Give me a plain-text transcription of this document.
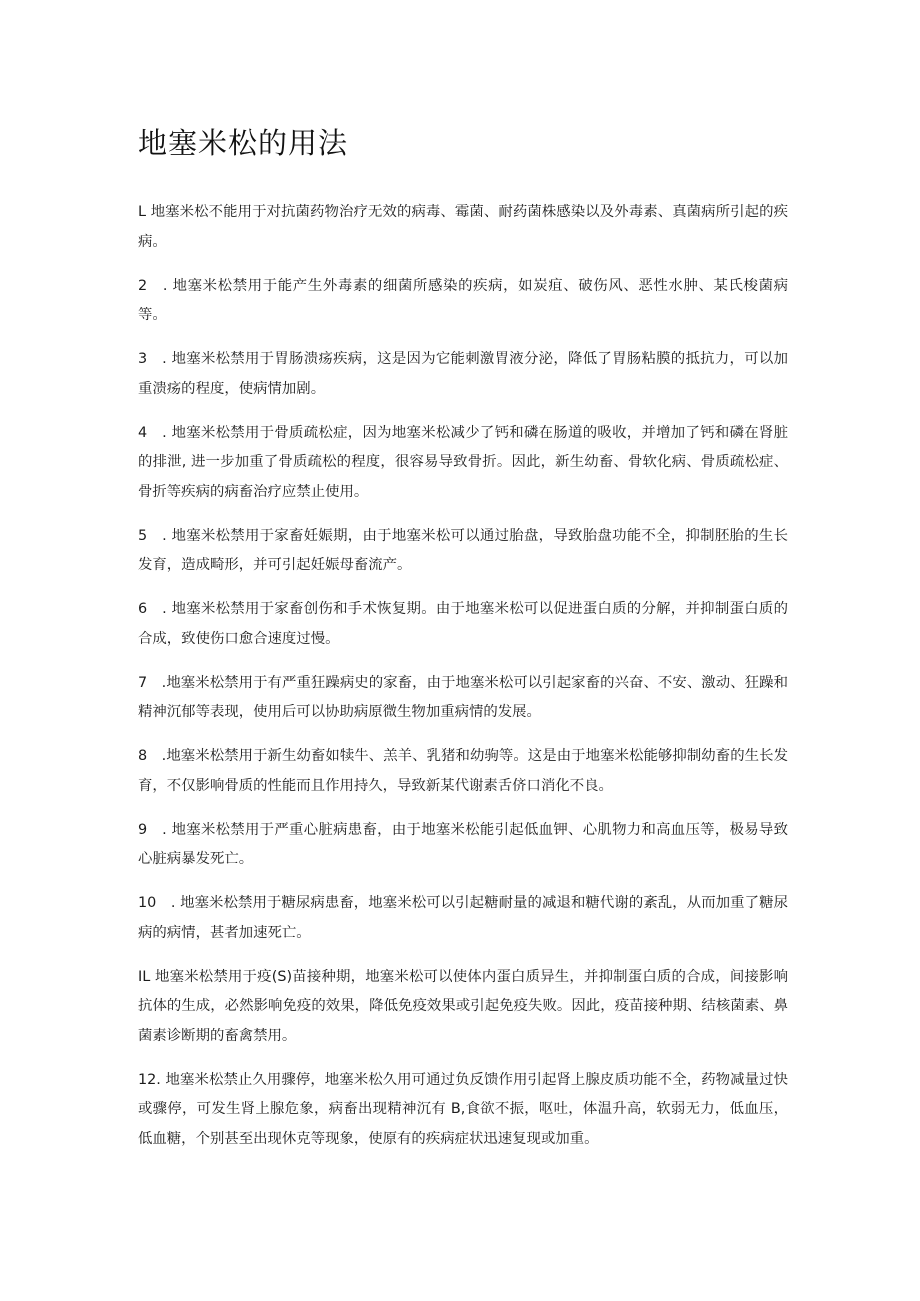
地塞米松的用法

L 地塞米松不能用于对抗菌药物治疗无效的病毒、霉菌、耐药菌株感染以及外毒素、真菌病所引起的疾病。

2　. 地塞米松禁用于能产生外毒素的细菌所感染的疾病，如炭疽、破伤风、恶性水肿、某氏梭菌病等。

3　. 地塞米松禁用于胃肠溃疡疾病，这是因为它能刺激胃液分泌，降低了胃肠粘膜的抵抗力，可以加重溃疡的程度，使病情加剧。

4　. 地塞米松禁用于骨质疏松症，因为地塞米松减少了钙和磷在肠道的吸收，并增加了钙和磷在肾脏的排泄, 进一步加重了骨质疏松的程度，很容易导致骨折。因此，新生幼畜、骨软化病、骨质疏松症、骨折等疾病的病畜治疗应禁止使用。

5　. 地塞米松禁用于家畜妊娠期，由于地塞米松可以通过胎盘，导致胎盘功能不全，抑制胚胎的生长发育，造成畸形，并可引起妊娠母畜流产。

6　. 地塞米松禁用于家畜创伤和手术恢复期。由于地塞米松可以促进蛋白质的分解，并抑制蛋白质的合成，致使伤口愈合速度过慢。

7　.地塞米松禁用于有严重狂躁病史的家畜，由于地塞米松可以引起家畜的兴奋、不安、激动、狂躁和精神沉郁等表现，使用后可以协助病原微生物加重病情的发展。

8　.地塞米松禁用于新生幼畜如犊牛、羔羊、乳猪和幼驹等。这是由于地塞米松能够抑制幼畜的生长发育，不仅影响骨质的性能而且作用持久，导致新某代谢素舌侪口消化不良。

9　. 地塞米松禁用于严重心脏病患畜，由于地塞米松能引起低血钾、心肌物力和高血压等，极易导致心脏病暴发死亡。

10　. 地塞米松禁用于糖尿病患畜，地塞米松可以引起糖耐量的减退和糖代谢的紊乱，从而加重了糖尿病的病情，甚者加速死亡。

IL 地塞米松禁用于疫(S)苗接种期，地塞米松可以使体内蛋白质异生，并抑制蛋白质的合成，间接影响抗体的生成，必然影响免疫的效果，降低免疫效果或引起免疫失败。因此，疫苗接种期、结核菌素、鼻菌素诊断期的畜禽禁用。

12. 地塞米松禁止久用骤停，地塞米松久用可通过负反馈作用引起肾上腺皮质功能不全，药物减量过快或骤停，可发生肾上腺危象，病畜出现精神沉有 B,食欲不振，呕吐，体温升高，软弱无力，低血压，低血糖，个别甚至出现休克等现象，使原有的疾病症状迅速复现或加重。
